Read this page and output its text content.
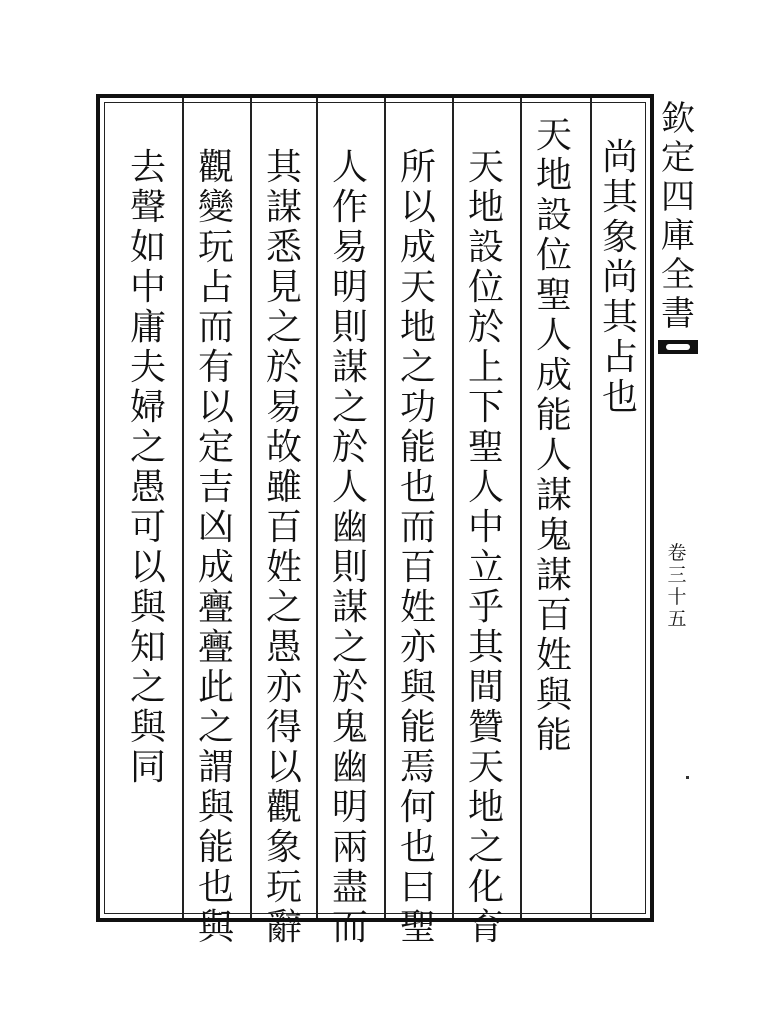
尚
其
象
尚
其
占
也
天
地
設
位
聖
人
成
能
人
謀
鬼
謀
百
姓
與
能
天
地
設
位
於
上
下
聖
人
中
立
乎
其
間
贊
天
地
之
化
育
所
以
成
天
地
之
功
能
也
而
百
姓
亦
與
能
焉
何
也
曰
聖
人
作
易
明
則
謀
之
於
人
幽
則
謀
之
於
鬼
幽
明
兩
盡
而
其
謀
悉
見
之
於
易
故
雖
百
姓
之
愚
亦
得
以
觀
象
玩
辭
觀
變
玩
占
而
有
以
定
吉
凶
成
亹
亹
此
之
謂
與
能
也
與
去
聲
如
中
庸
夫
婦
之
愚
可
以
與
知
之
與
同
欽
定
四
庫
全
書
卷
三
十
五
